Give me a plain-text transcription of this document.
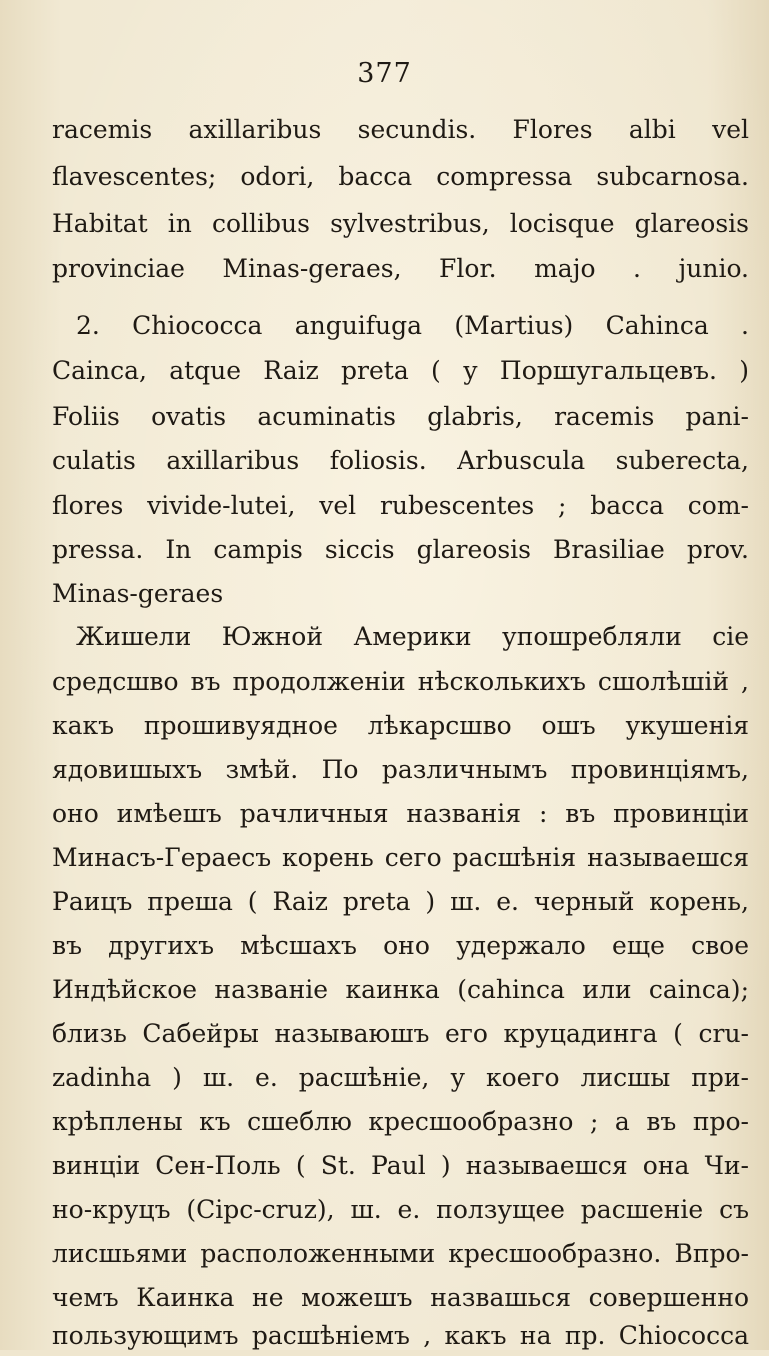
377
racemis axillaribus secundis. Flores albi vel
flavescentes; odori, bacca compressa subcarnosa.
Habitat in collibus sylvestribus, locisque glareosis
provinciae Minas-geraes, Flor. majo . junio.
2. Chiococca anguifuga (Martius) Cahinca .
Cainca, atque Raiz preta ( у Поршугальцевъ. )
Foliis ovatis acuminatis glabris, racemis pani-
culatis axillaribus foliosis. Arbuscula suberecta,
flores vivide-lutei, vel rubescentes ; bacca com-
pressa. In campis siccis glareosis Brasiliae prov.
Minas-geraes
Жишели Южной Америки упошребляли сіе
средсшво въ продолженіи нѣсколькихъ сшолѣшій ,
какъ прошивуядное лѣкарсшво ошъ укушенія
ядовишыхъ змѣй. По различнымъ провинціямъ,
оно имѣешъ рачличныя названія : въ провинціи
Минасъ-Гераесъ корень сего расшѣнія называешся
Раицъ преша ( Raiz preta ) ш. е. черный корень,
въ другихъ мѣсшахъ оно удержало еще свое
Индѣйское названіе каинка (cahinca или cainca);
близь Сабейры называюшъ его круцадинга ( cru-
zadinha ) ш. е. расшѣніе, у коего лисшы при-
крѣплены къ сшеблю кресшообразно ; а въ про-
винціи Сен-Поль ( St. Paul ) называешся она Чи-
но-круцъ (Cipc-cruz), ш. е. ползущее расшеніе съ
лисшьями расположенными кресшообразно. Впро-
чемъ Каинка не можешъ назвашься совершенно
пользующимъ расшѣніемъ , какъ на пр. Chiococca
